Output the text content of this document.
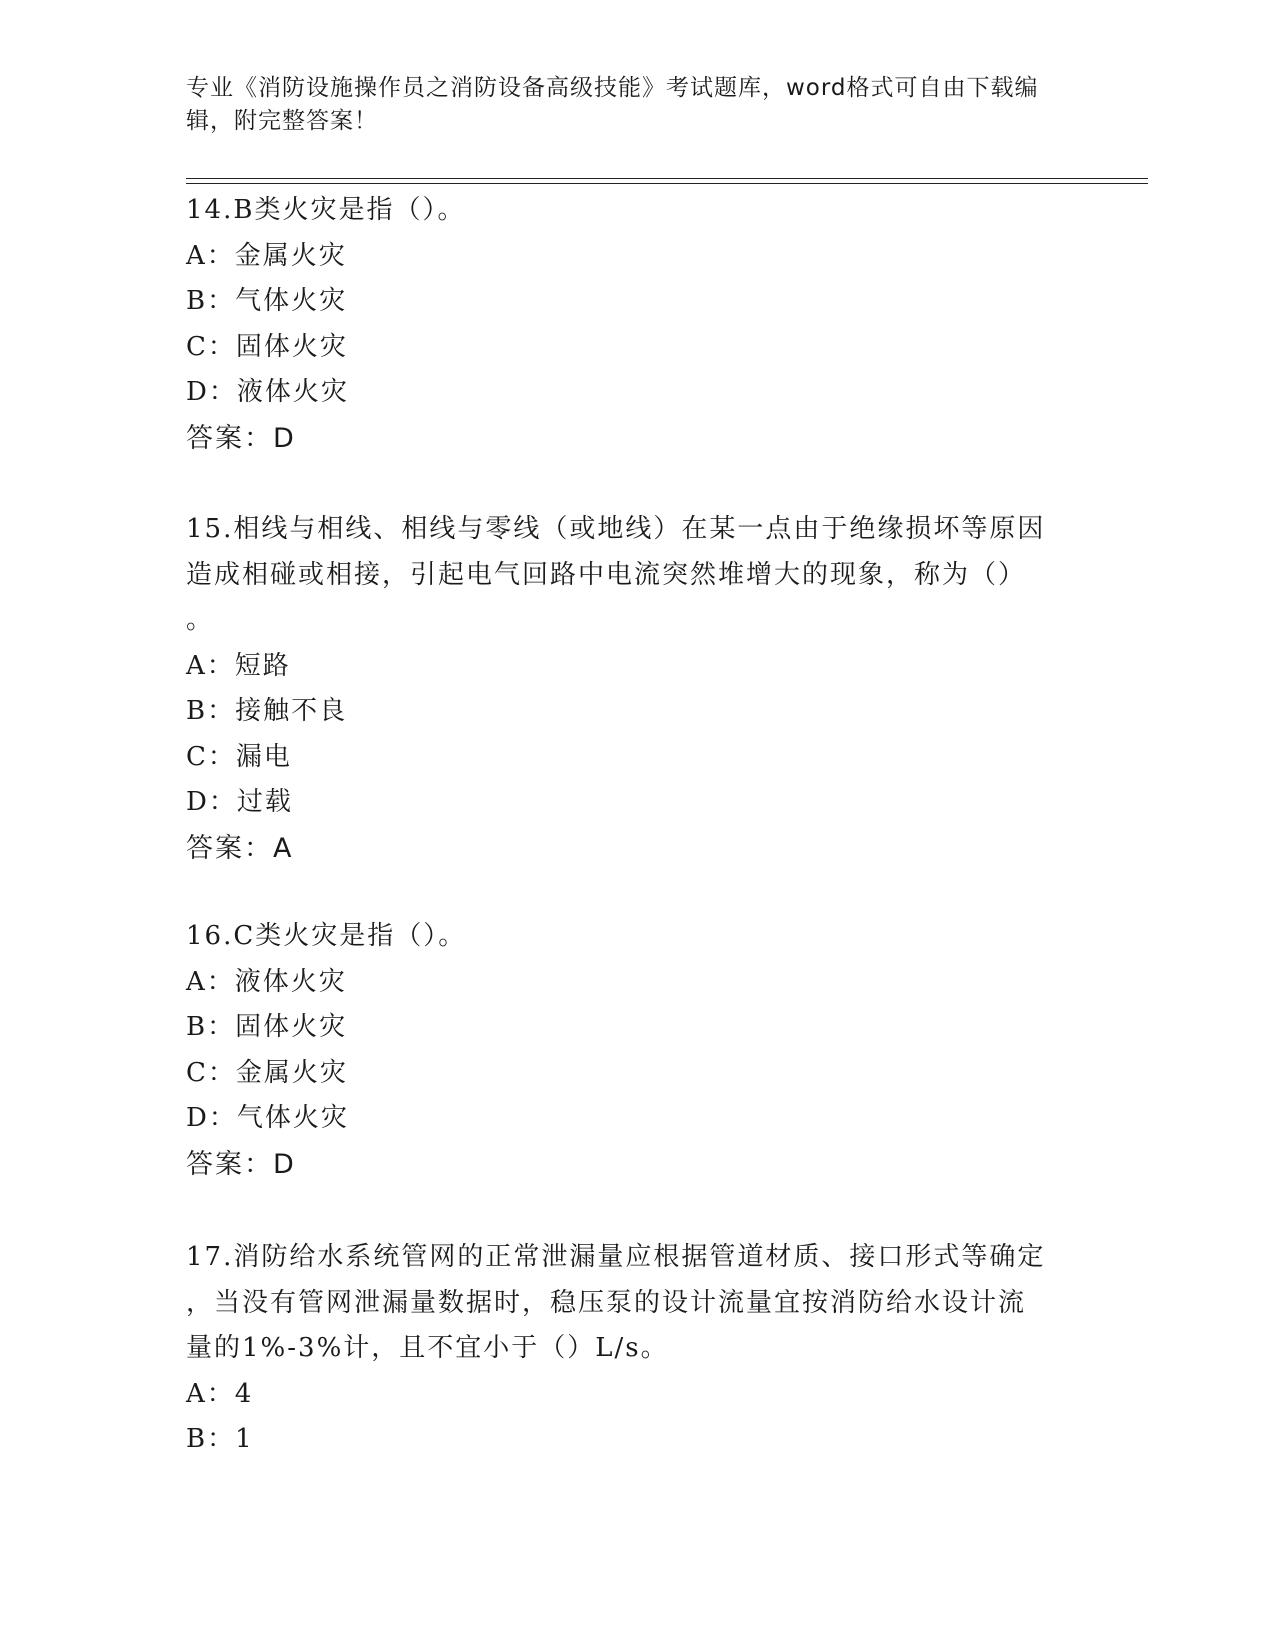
专业《消防设施操作员之消防设备高级技能》考试题库，word格式可自由下载编
辑，附完整答案！
14.B类火灾是指（）。
A：金属火灾
B：气体火灾
C：固体火灾
D：液体火灾
答案：D
15.相线与相线、相线与零线（或地线）在某一点由于绝缘损坏等原因
造成相碰或相接，引起电气回路中电流突然堆增大的现象，称为（）
。
A：短路
B：接触不良
C：漏电
D：过载
答案：A
16.C类火灾是指（）。
A：液体火灾
B：固体火灾
C：金属火灾
D：气体火灾
答案：D
17.消防给水系统管网的正常泄漏量应根据管道材质、接口形式等确定
，当没有管网泄漏量数据时，稳压泵的设计流量宜按消防给水设计流
量的1%-3%计，且不宜小于（）L/s。
A：4
B：1
